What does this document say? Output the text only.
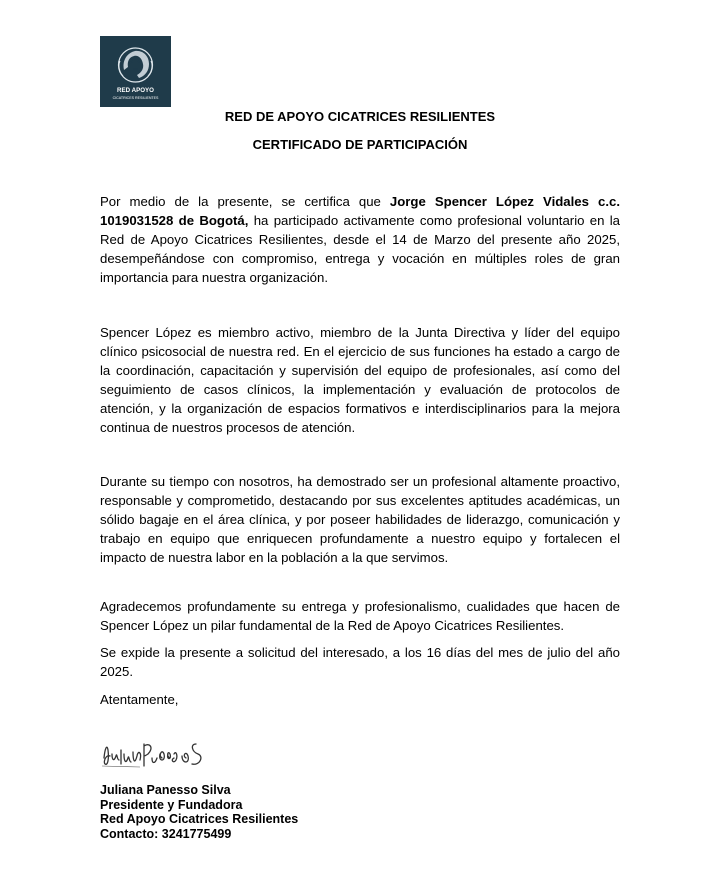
RED APOYO
CICATRICES RESILIENTES
RED DE APOYO CICATRICES RESILIENTES
CERTIFICADO DE PARTICIPACIÓN

Por medio de la presente, se certifica que Jorge Spencer López Vidales c.c. 1019031528 de Bogotá, ha participado activamente como profesional voluntario en la Red de Apoyo Cicatrices Resilientes, desde el 14 de Marzo del presente año 2025, desempeñándose con compromiso, entrega y vocación en múltiples roles de gran importancia para nuestra organización.

Spencer López es miembro activo, miembro de la Junta Directiva y líder del equipo clínico psicosocial de nuestra red. En el ejercicio de sus funciones ha estado a cargo de la coordinación, capacitación y supervisión del equipo de profesionales, así como del seguimiento de casos clínicos, la implementación y evaluación de protocolos de atención, y la organización de espacios formativos e interdisciplinarios para la mejora continua de nuestros procesos de atención.

Durante su tiempo con nosotros, ha demostrado ser un profesional altamente proactivo, responsable y comprometido, destacando por sus excelentes aptitudes académicas, un sólido bagaje en el área clínica, y por poseer habilidades de liderazgo, comunicación y trabajo en equipo que enriquecen profundamente a nuestro equipo y fortalecen el impacto de nuestra labor en la población a la que servimos.

Agradecemos profundamente su entrega y profesionalismo, cualidades que hacen de Spencer López un pilar fundamental de la Red de Apoyo Cicatrices Resilientes.

Se expide la presente a solicitud del interesado, a los 16 días del mes de julio del año 2025.

Atentamente,
Juliana Panesso Silva
Presidente y Fundadora
Red Apoyo Cicatrices Resilientes
Contacto: 3241775499
